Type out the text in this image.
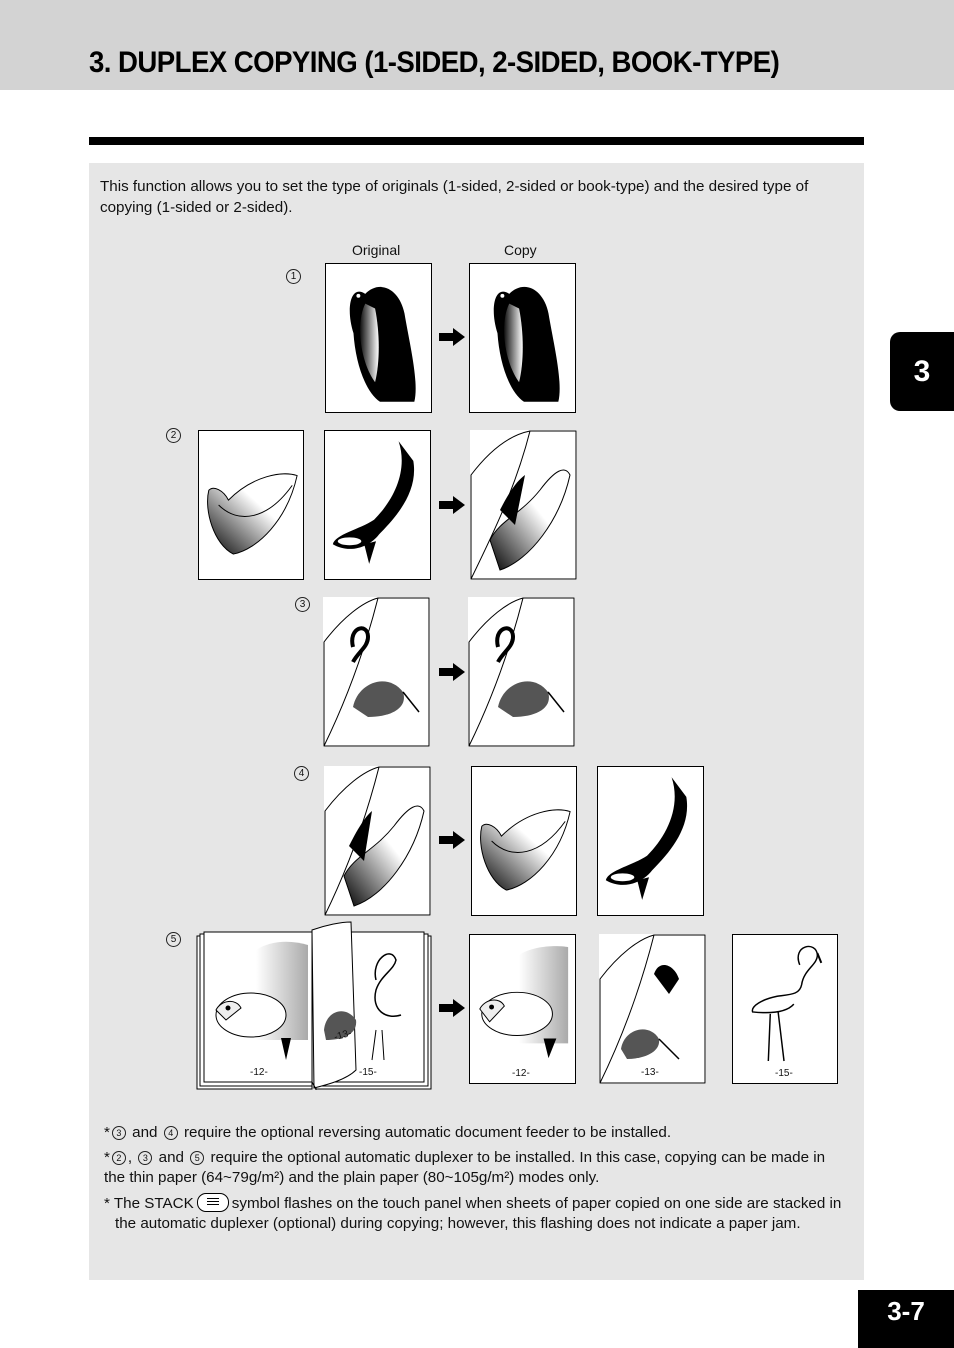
3. DUPLEX COPYING (1-SIDED, 2-SIDED, BOOK-TYPE)
This function allows you to set the type of originals (1-sided, 2-sided or book-type) and the desired type of copying (1-sided or 2-sided).
Original	Copy
1
2
3
4
5
-12-
-13-
-15-	-12-	-13-	-15-

* 3 and 4 require the optional reversing automatic document feeder to be installed.

* 2 , 3 and 5 require the optional automatic duplexer to be installed. In this case, copying can be made in the thin paper (64~79g/m²) and the plain paper (80~105g/m²) modes only.

* The STACK	symbol flashes on the touch panel when sheets of paper copied on one side are stacked in the automatic duplexer (optional) during copying; however, this flashing does not indicate a paper jam.

3
3-7
